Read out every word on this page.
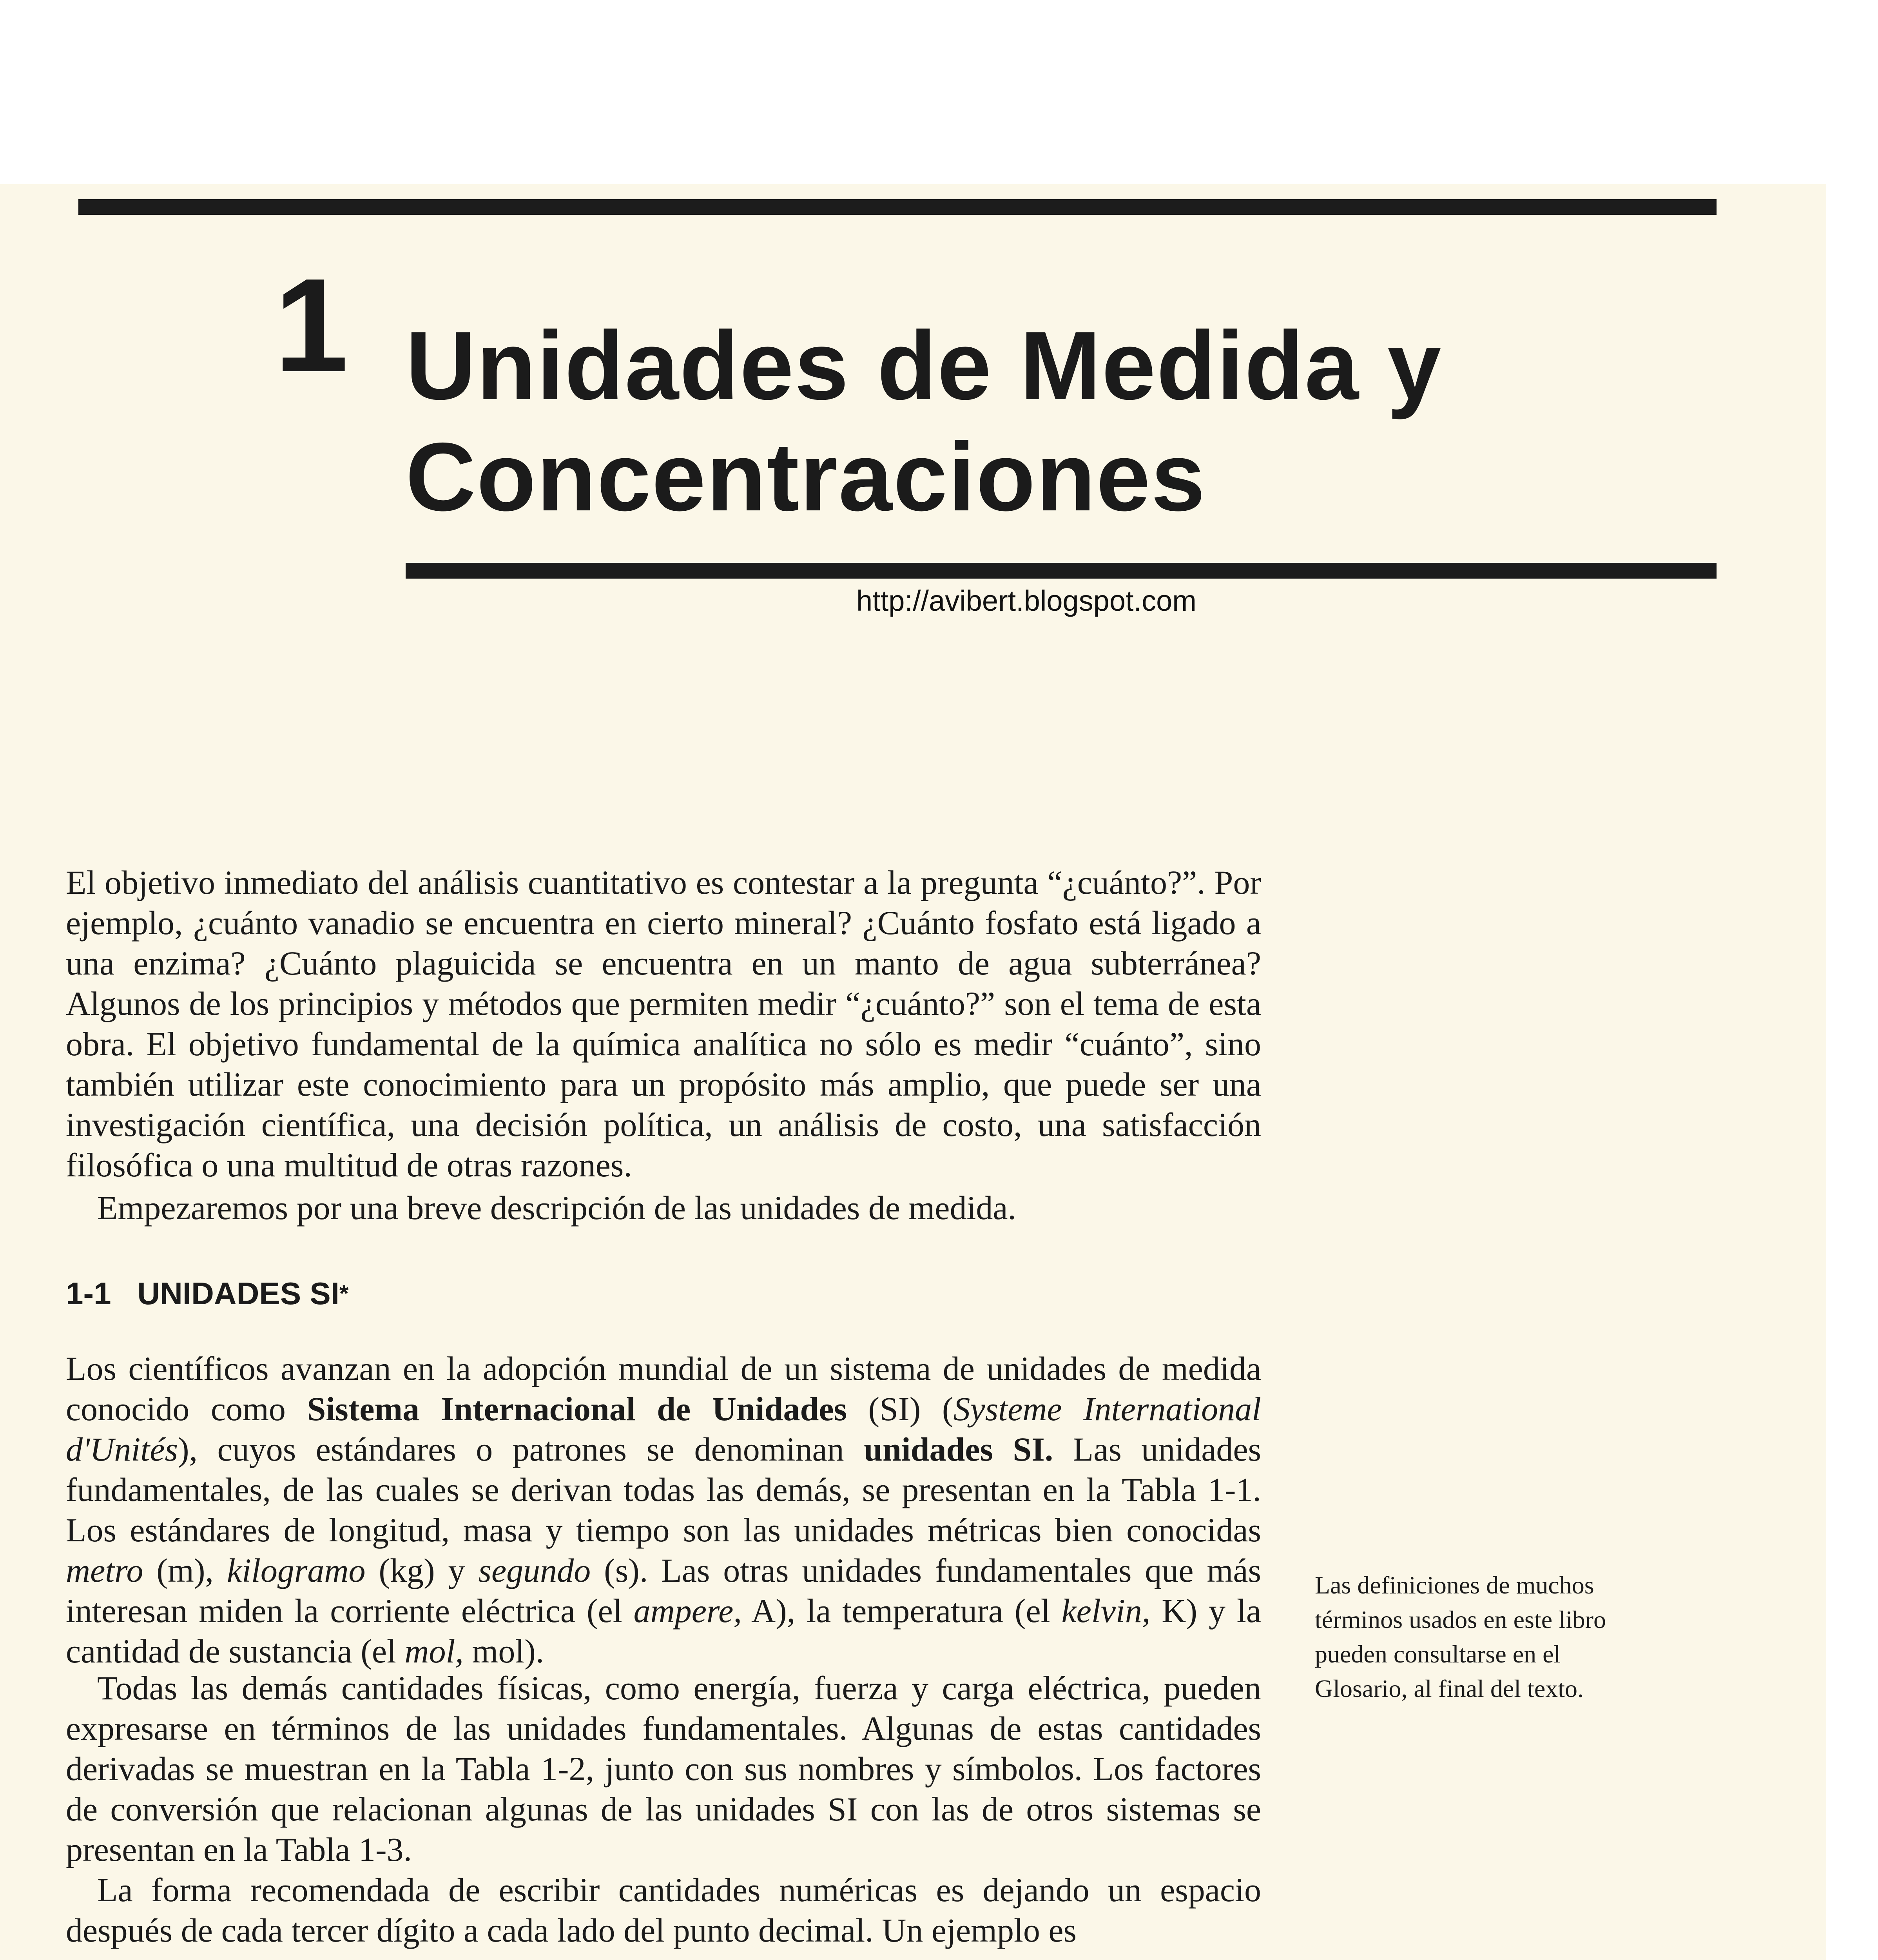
1 Unidades de Medida y
Concentraciones
http://avibert.blogspot.com

El objetivo inmediato del análisis cuantitativo es contestar a la pregunta “¿cuánto?”. Por ejemplo, ¿cuánto vanadio se encuentra en cierto mineral? ¿Cuánto fosfato está ligado a una enzima? ¿Cuánto plaguicida se encuentra en un manto de agua subterránea? Algunos de los principios y métodos que permiten medir “¿cuánto?” son el tema de esta obra. El objetivo fundamental de la química analítica no sólo es medir “cuánto”, sino también utilizar este conocimiento para un propósito más amplio, que puede ser una investigación científica, una decisión política, un análisis de costo, una satisfacción filosófica o una multitud de otras razones.

Empezaremos por una breve descripción de las unidades de medida.

1-1 UNIDADES SI*

Los científicos avanzan en la adopción mundial de un sistema de unidades de medida conocido como Sistema Internacional de Unidades (SI) (Systeme International d'Unités), cuyos estándares o patrones se denominan unidades SI. Las unidades fundamentales, de las cuales se derivan todas las demás, se presentan en la Tabla 1-1. Los estándares de longitud, masa y tiempo son las unidades métricas bien conocidas metro (m), kilogramo (kg) y segundo (s). Las otras unidades fundamentales que más interesan miden la corriente eléctrica (el ampere, A), la temperatura (el kelvin, K) y la cantidad de sustancia (el mol, mol).

Todas las demás cantidades físicas, como energía, fuerza y carga eléctrica, pueden expresarse en términos de las unidades fundamentales. Algunas de estas cantidades derivadas se muestran en la Tabla 1-2, junto con sus nombres y símbolos. Los factores de conversión que relacionan algunas de las unidades SI con las de otros sistemas se presentan en la Tabla 1-3.

La forma recomendada de escribir cantidades numéricas es dejando un espacio después de cada tercer dígito a cada lado del punto decimal. Un ejemplo es

Las definiciones de muchos términos usados en este libro pueden consultarse en el Glosario, al final del texto.
